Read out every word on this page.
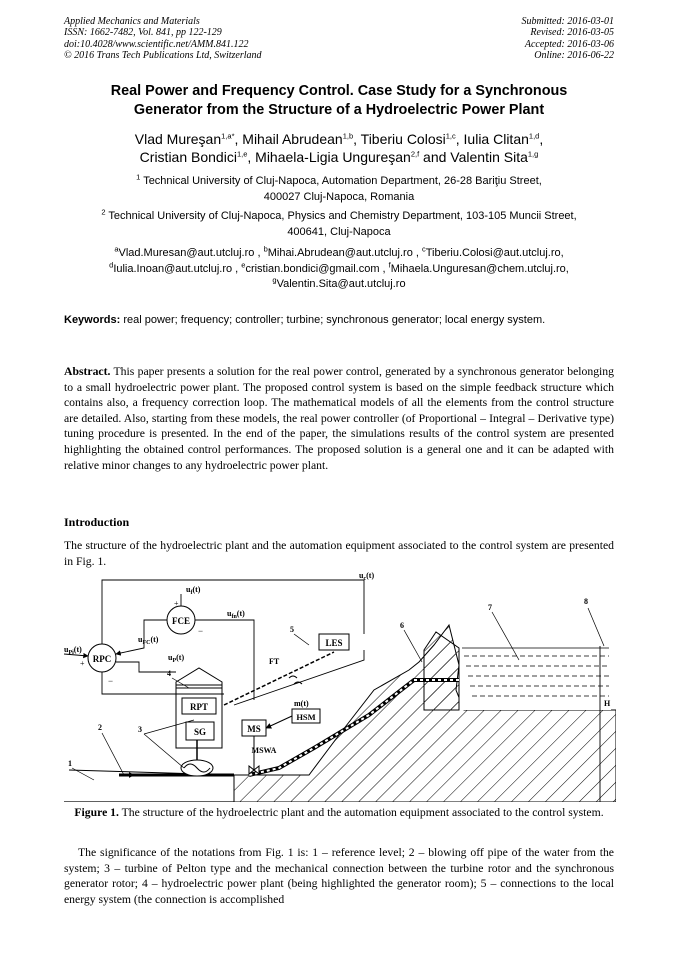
Applied Mechanics and Materials
ISSN: 1662-7482, Vol. 841, pp 122-129
doi:10.4028/www.scientific.net/AMM.841.122
© 2016 Trans Tech Publications Ltd, Switzerland
Submitted: 2016-03-01
Revised: 2016-03-05
Accepted: 2016-03-06
Online: 2016-06-22
Real Power and Frequency Control. Case Study for a Synchronous
Generator from the Structure of a Hydroelectric Power Plant
Vlad Mureşan$^{1,a*}$, Mihail Abrudean$^{1,b}$, Tiberiu Colosi$^{1,c}$, Iulia Clitan$^{1,d}$,
Cristian Bondici$^{1,e}$, Mihaela-Ligia Ungureşan$^{2,f}$ and Valentin Sita$^{1,g}$
$^1$ Technical University of Cluj-Napoca, Automation Department, 26-28 Bariţiu Street,
400027 Cluj-Napoca, Romania
$^2$ Technical University of Cluj-Napoca, Physics and Chemistry Department, 103-105 Muncii Street,
400641, Cluj-Napoca
$^a$Vlad.Muresan@aut.utcluj.ro , $^b$Mihai.Abrudean@aut.utcluj.ro , $^c$Tiberiu.Colosi@aut.utcluj.ro,
$^d$Iulia.Inoan@aut.utcluj.ro , $^e$cristian.bondici@gmail.com , $^f$Mihaela.Unguresan@chem.utcluj.ro,
$^g$Valentin.Sita@aut.utcluj.ro
Keywords: real power; frequency; controller; turbine; synchronous generator; local energy system.
Abstract. This paper presents a solution for the real power control, generated by a synchronous generator belonging to a small hydroelectric power plant. The proposed control system is based on the simple feedback structure which contains also, a frequency correction loop. The mathematical models of all the elements from the control structure are detailed. Also, starting from these models, the real power controller (of Proportional – Integral – Derivative type) tuning procedure is presented. In the end of the paper, the simulations results of the control system are presented highlighting the obtained control performances. The proposed solution is a general one and it can be adapted with relative minor changes to any hydroelectric power plant.
Introduction
The structure of the hydroelectric plant and the automation equipment associated to the control system are presented in Fig. 1.
RPT
SG	MS
MSWA
HSM
m(t)
LES
FT
RPC
FCE
$u_f(t)$
$u_{fn}(t)$
$u_{FC}(t)$
$u_{Pi}(t)$
$u_P(t)$
$u_c(t)$
+
−
+
−
1
2	3
4
5	6
7
8
H
Figure 1. The structure of the hydroelectric plant and the automation equipment associated to the control system.
The significance of the notations from Fig. 1 is: 1 – reference level; 2 – blowing off pipe of the water from the system; 3 – turbine of Pelton type and the mechanical connection between the turbine rotor and the synchronous generator rotor; 4 – hydroelectric power plant (being highlighted the generator room); 5 – connections to the local energy system (the connection is accomplished
